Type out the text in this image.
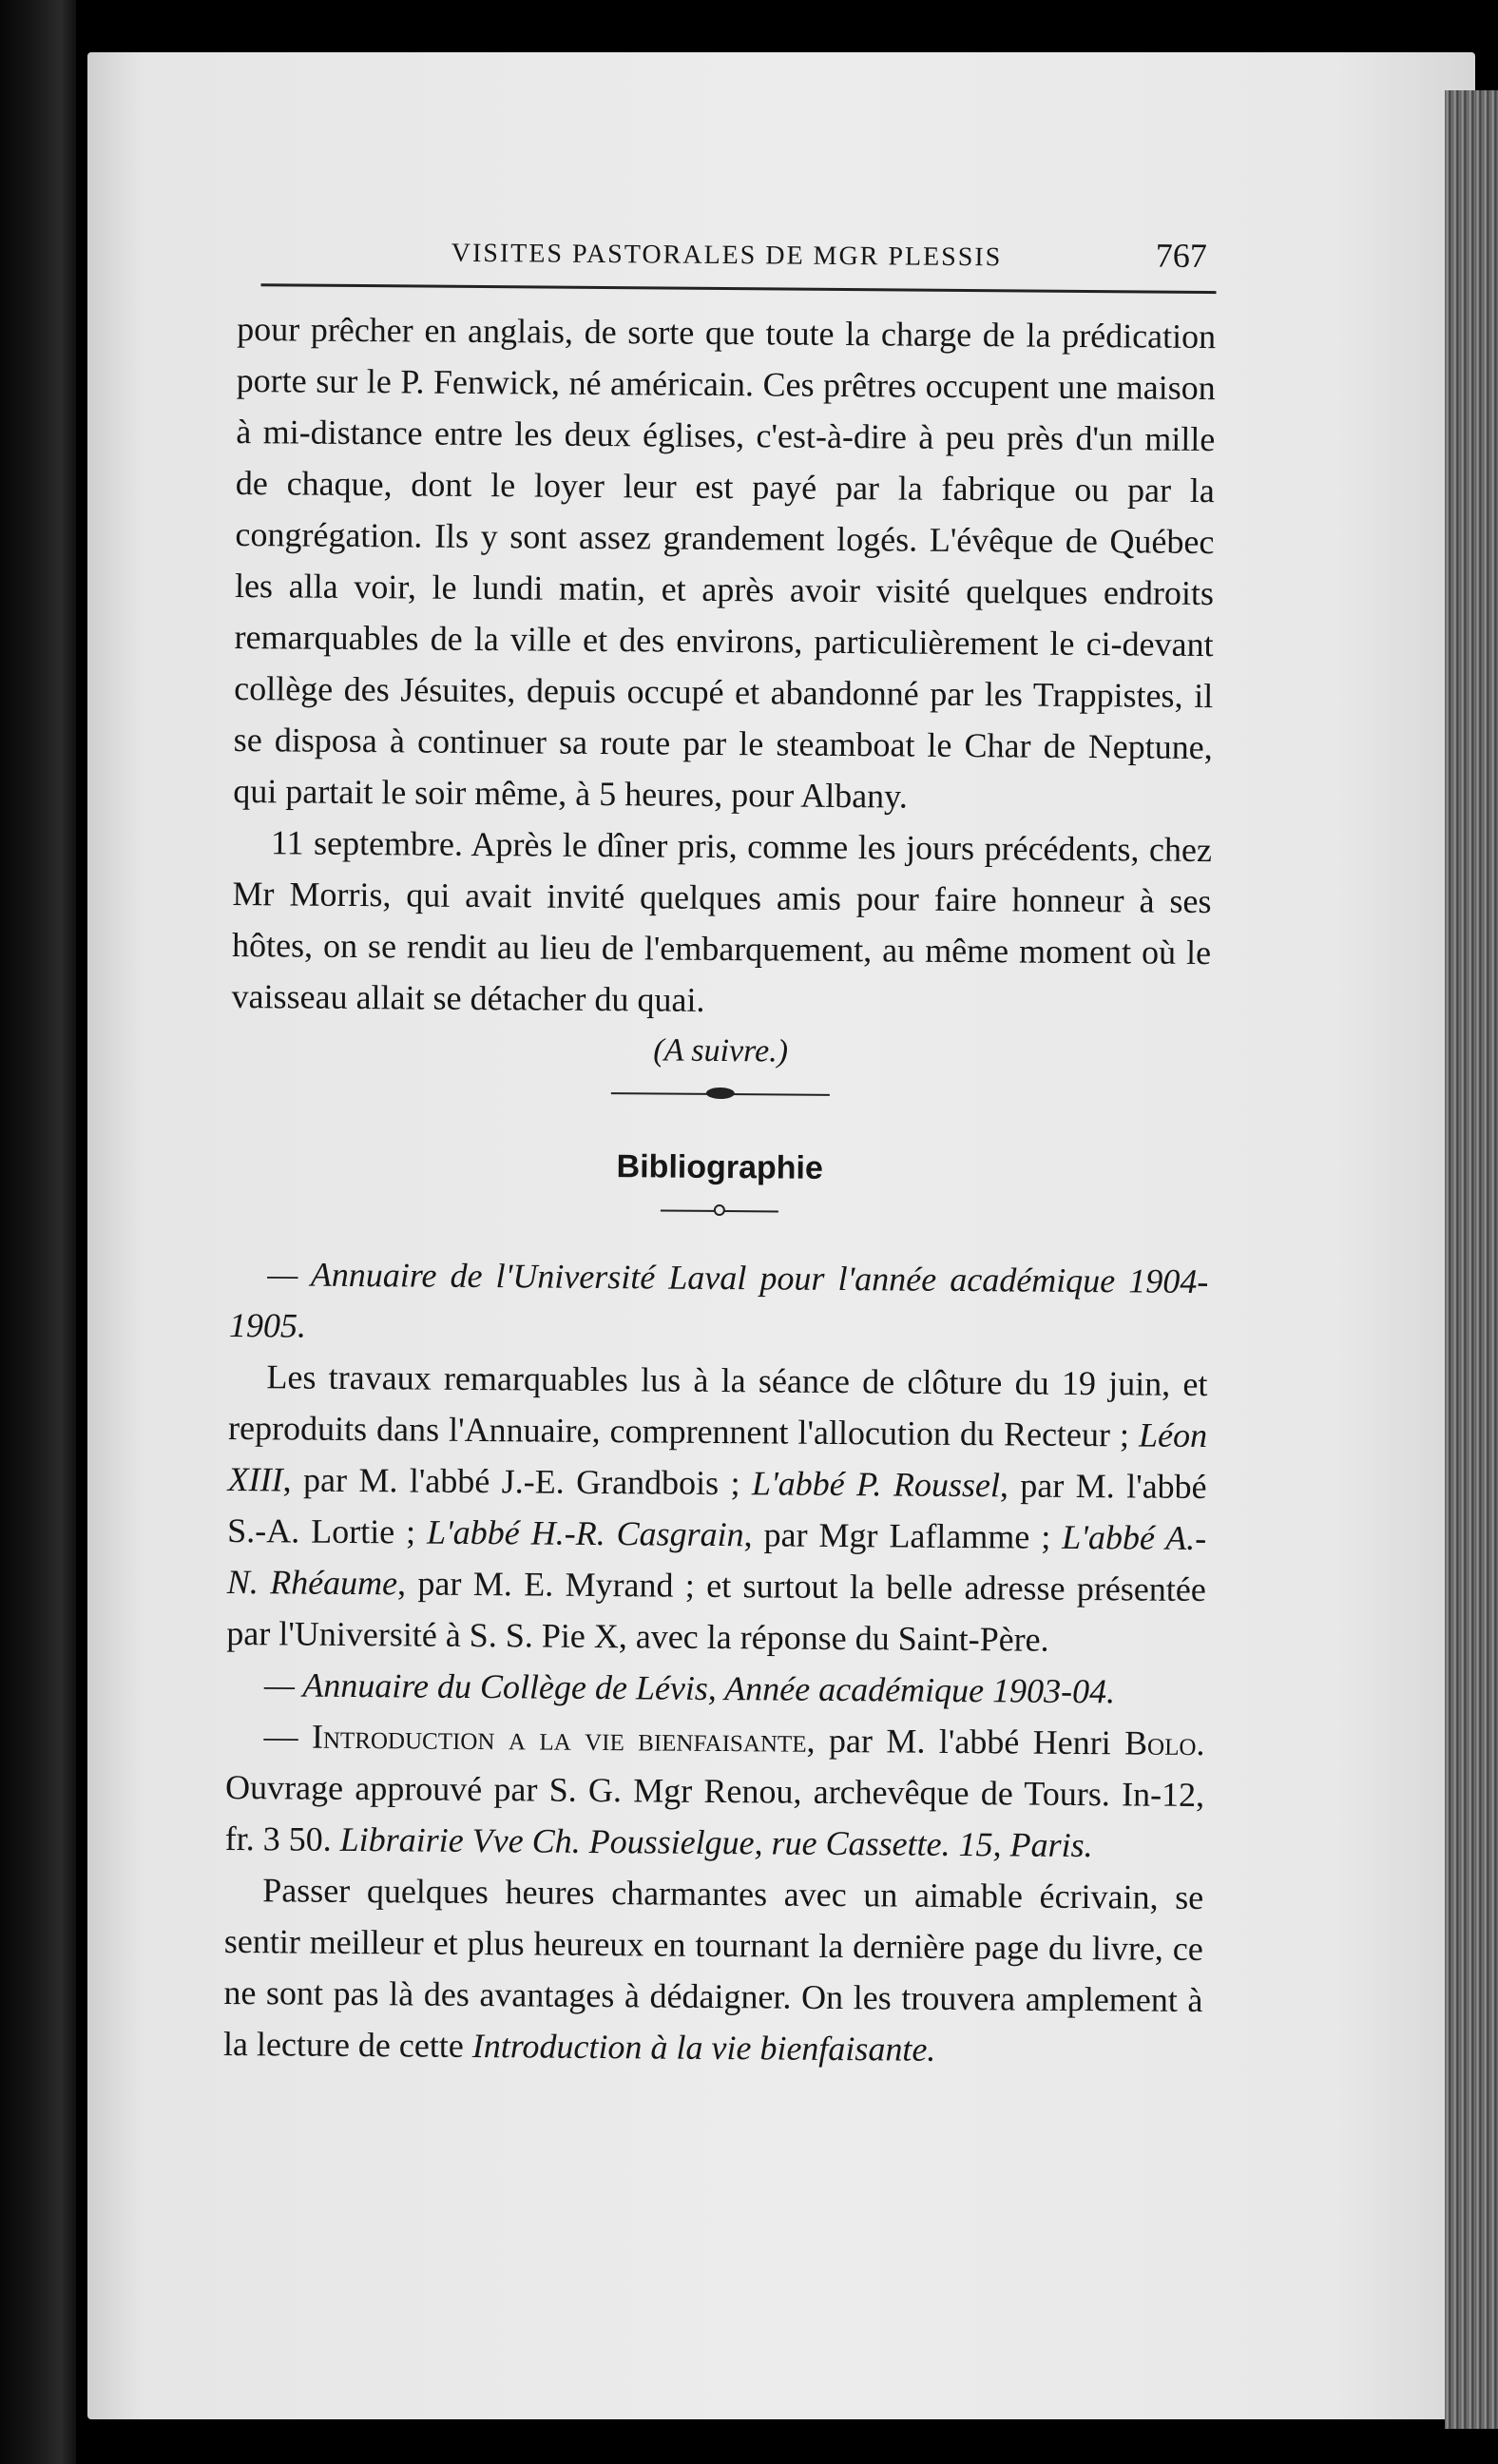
VISITES PASTORALES DE MGR PLESSIS	767

pour prêcher en anglais, de sorte que toute la charge de la prédication porte sur le P. Fenwick, né américain. Ces prêtres occupent une maison à mi-distance entre les deux églises, c'est-à-dire à peu près d'un mille de chaque, dont le loyer leur est payé par la fabrique ou par la congrégation. Ils y sont assez grandement logés. L'évêque de Québec les alla voir, le lundi matin, et après avoir visité quelques endroits remarquables de la ville et des environs, particulièrement le ci-devant collège des Jésuites, depuis occupé et abandonné par les Trappistes, il se disposa à continuer sa route par le steamboat le Char de Neptune, qui partait le soir même, à 5 heures, pour Albany.

11 septembre. Après le dîner pris, comme les jours précédents, chez Mr Morris, qui avait invité quelques amis pour faire honneur à ses hôtes, on se rendit au lieu de l'embarquement, au même moment où le vaisseau allait se détacher du quai.

(A suivre.)
Bibliographie

— Annuaire de l'Université Laval pour l'année académique 1904-1905.

Les travaux remarquables lus à la séance de clôture du 19 juin, et reproduits dans l'Annuaire, comprennent l'allocution du Recteur ; Léon XIII, par M. l'abbé J.-E. Grandbois ; L'abbé P. Roussel, par M. l'abbé S.-A. Lortie ; L'abbé H.-R. Casgrain, par Mgr Laflamme ; L'abbé A.-N. Rhéaume, par M. E. Myrand ; et surtout la belle adresse présentée par l'Université à S. S. Pie X, avec la réponse du Saint-Père.

— Annuaire du Collège de Lévis, Année académique 1903-04.

— Introduction a la vie bienfaisante, par M. l'abbé Henri Bolo. Ouvrage approuvé par S. G. Mgr Renou, archevêque de Tours. In-12, fr. 3 50. Librairie Vve Ch. Poussielgue, rue Cassette. 15, Paris.

Passer quelques heures charmantes avec un aimable écrivain, se sentir meilleur et plus heureux en tournant la dernière page du livre, ce ne sont pas là des avantages à dédaigner. On les trouvera amplement à la lecture de cette Introduction à la vie bienfaisante.
